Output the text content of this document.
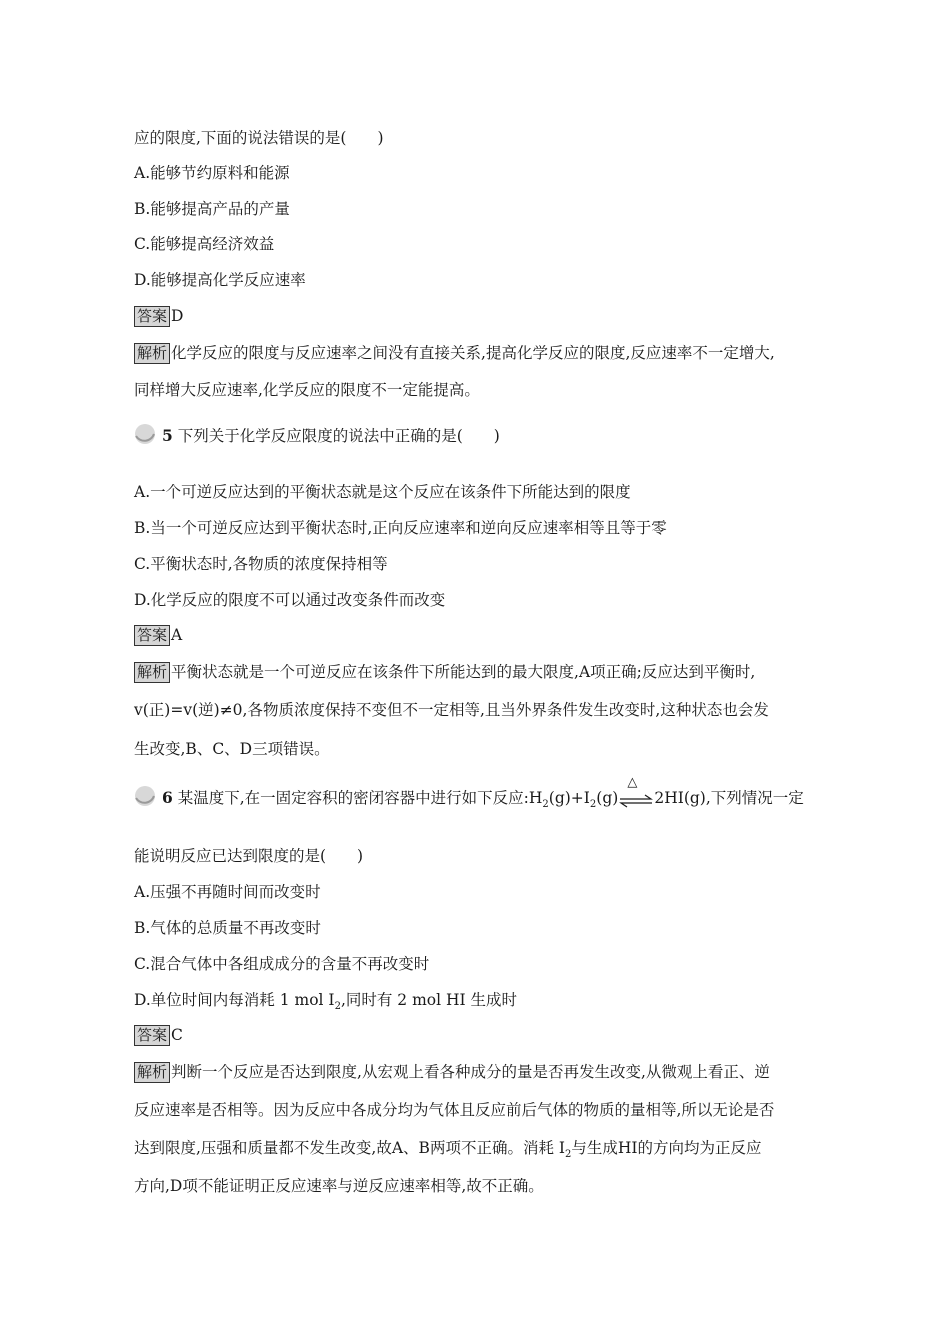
应的限度,下面的说法错误的是(　　)
A.能够节约原料和能源
B.能够提高产品的产量
C.能够提高经济效益
D.能够提高化学反应速率
答案 D
解析 化学反应的限度与反应速率之间没有直接关系,提高化学反应的限度,反应速率不一定增大,
同样增大反应速率,化学反应的限度不一定能提高。
5 下列关于化学反应限度的说法中正确的是(　　)
A.一个可逆反应达到的平衡状态就是这个反应在该条件下所能达到的限度
B.当一个可逆反应达到平衡状态时,正向反应速率和逆向反应速率相等且等于零
C.平衡状态时,各物质的浓度保持相等
D.化学反应的限度不可以通过改变条件而改变
答案 A
解析 平衡状态就是一个可逆反应在该条件下所能达到的最大限度,A项正确;反应达到平衡时,
v(正)=v(逆)≠0,各物质浓度保持不变但不一定相等,且当外界条件发生改变时,这种状态也会发
生改变,B、C、D三项错误。
6 某温度下,在一固定容积的密闭容器中进行如下反应$:H_2(g)+I_2(g)$
△
2HI(g),下列情况一定
能说明反应已达到限度的是(　　)
A.压强不再随时间而改变时
B.气体的总质量不再改变时
C.混合气体中各组成成分的含量不再改变时
D.单位时间内每消耗 1 mol $I_2$,同时有 2 mol HI 生成时
答案 C
解析 判断一个反应是否达到限度,从宏观上看各种成分的量是否再发生改变,从微观上看正、逆
反应速率是否相等。因为反应中各成分均为气体且反应前后气体的物质的量相等,所以无论是否
达到限度,压强和质量都不发生改变,故A、B两项不正确。消耗 $I_2$与生成HI的方向均为正反应
方向,D项不能证明正反应速率与逆反应速率相等,故不正确。
